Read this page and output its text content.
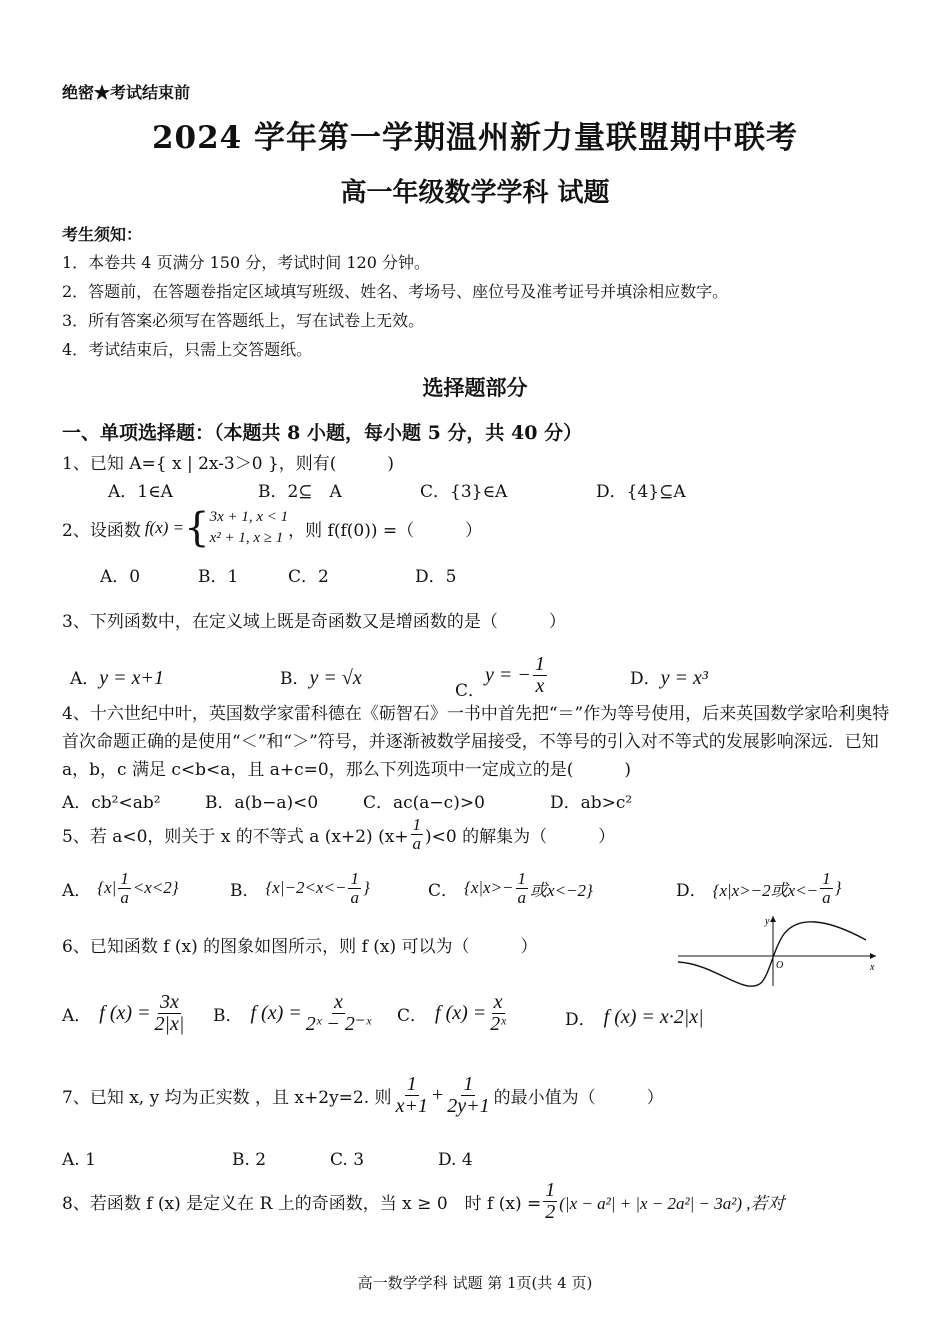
绝密★考试结束前
2024 学年第一学期温州新力量联盟期中联考
高一年级数学学科 试题
考生须知：
1．本卷共 4 页满分 150 分，考试时间 120 分钟。
2．答题前，在答题卷指定区域填写班级、姓名、考场号、座位号及准考证号并填涂相应数字。
3．所有答案必须写在答题纸上，写在试卷上无效。
4．考试结束后，只需上交答题纸。
选择题部分
一、单项选择题：（本题共 8 小题，每小题 5 分，共 40 分）
1、已知 A={ x | 2x-3＞0 }，则有(　　　)
A．1∈A	B．2⊆　A	C．{3}∈A	D．{4}⊆A
2、设函数 f(x) = { 3x + 1, x < 1
x² + 1, x ≥ 1 ，则 f(f(0)) =（　　　）
A．0	B．1	C．2	D．5
3、下列函数中，在定义域上既是奇函数又是增函数的是（　　　）
A．y = x+1	B．y = √x
C．
y = − $\frac{1}{x}$	D．y = x³
4、十六世纪中叶，英国数学家雷科德在《砺智石》一书中首先把“＝”作为等号使用，后来英国数学家哈利奥特首次命题正确的是使用“＜”和“＞”符号，并逐渐被数学届接受，不等号的引入对不等式的发展影响深远．已知 a，b，c 满足 c<b<a，且 a+c=0，那么下列选项中一定成立的是(　　　)
A．cb²<ab²	B．a(b−a)<0	C．ac(a−c)>0	D．ab>c²
5、若 a<0，则关于 x 的不等式 a (x+2) $(x+ \frac{1}{a} )<0$ 的解集为（　　　）
A． $\{x| \frac{1}{a} <x<2\}$	B． {$x|-2<x<- \frac{1}{a}$ }	C． {$x|x>- \frac{1}{a}$ 或x<−2}	D． {x|x>−2或$x<- \frac{1}{a}$ }
6、已知函数 f (x) 的图象如图所示，则 f (x) 可以为（　　　）
y
x
O
A． f $(x) = \frac{3x}{2|x|}$ B． f $(x) = \frac{x}{\text{2ˣ − 2⁻ˣ}}$ C． f $(x) = \frac{x}{\text{2ˣ}}$	D． f (x) = x·2|x|
7、已知 x, y 均为正实数 ，且 x+2y=2. 则 $\frac{1}{x+1} + \frac{1}{2y+1}$ 的最小值为（　　　）
A. 1	B. 2	C. 3	D. 4
8、若函数 f (x) 是定义在 R 上的奇函数，当 x ≥ 0　时 f $(x) = \frac{1}{2} (|x - a^2| + |x - 2a^2| - 3a^2)$ ,若对
高一数学学科 试题 第 1页(共 4 页)
